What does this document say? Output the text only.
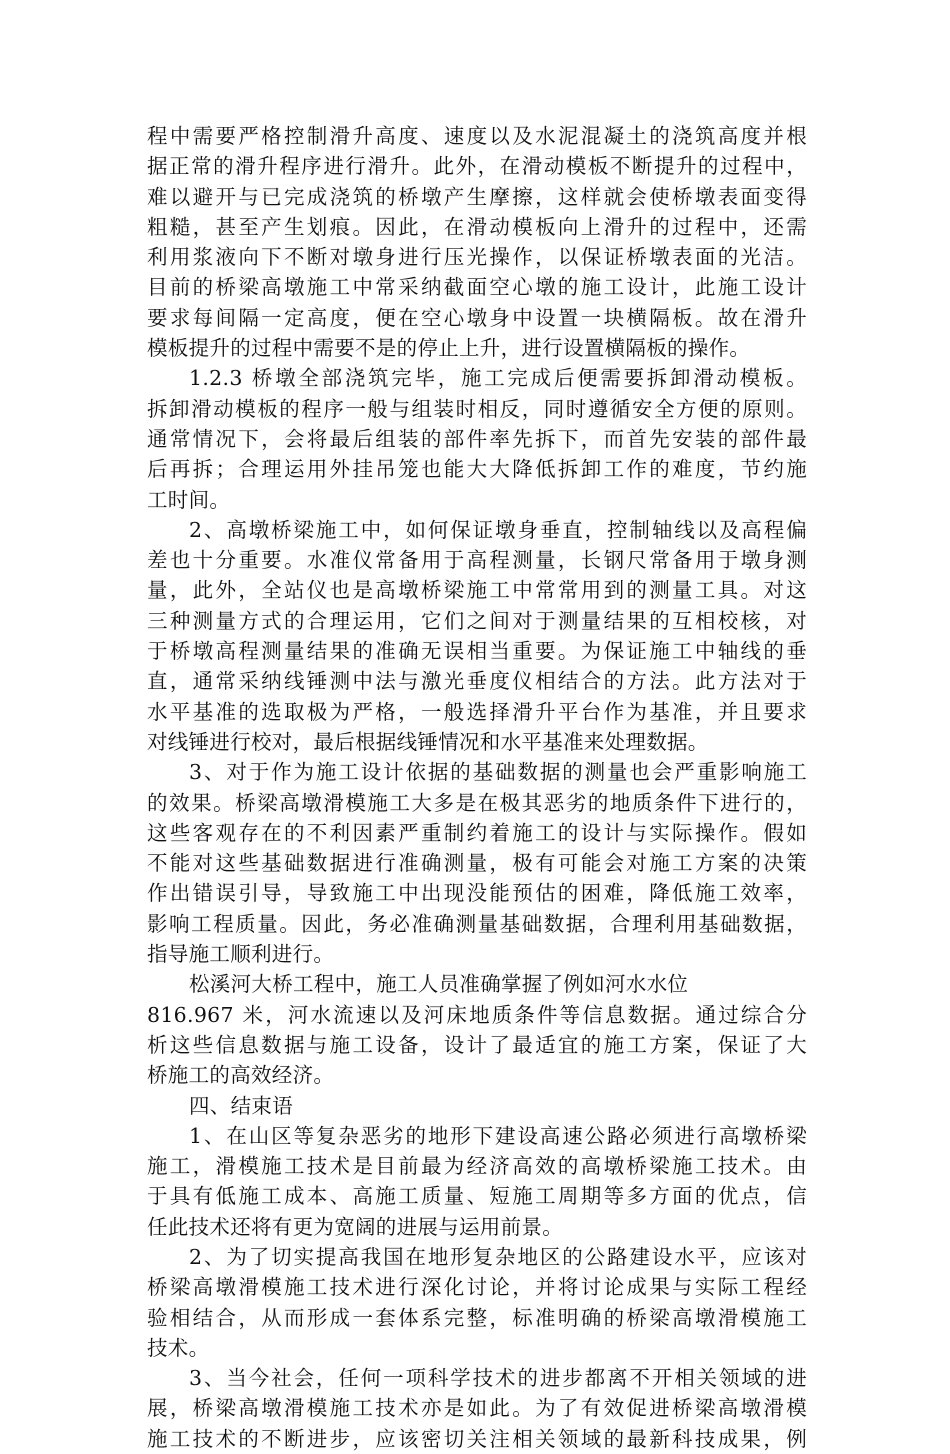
程中需要严格控制滑升高度、速度以及水泥混凝土的浇筑高度并根
据正常的滑升程序进行滑升。此外，在滑动模板不断提升的过程中，
难以避开与已完成浇筑的桥墩产生摩擦，这样就会使桥墩表面变得
粗糙，甚至产生划痕。因此，在滑动模板向上滑升的过程中，还需
利用浆液向下不断对墩身进行压光操作，以保证桥墩表面的光洁。
目前的桥梁高墩施工中常采纳截面空心墩的施工设计，此施工设计
要求每间隔一定高度，便在空心墩身中设置一块横隔板。故在滑升
模板提升的过程中需要不是的停止上升，进行设置横隔板的操作。
1.2.3 桥墩全部浇筑完毕，施工完成后便需要拆卸滑动模板。
拆卸滑动模板的程序一般与组装时相反，同时遵循安全方便的原则。
通常情况下，会将最后组装的部件率先拆下，而首先安装的部件最
后再拆；合理运用外挂吊笼也能大大降低拆卸工作的难度，节约施
工时间。
2、高墩桥梁施工中，如何保证墩身垂直，控制轴线以及高程偏
差也十分重要。水准仪常备用于高程测量，长钢尺常备用于墩身测
量，此外，全站仪也是高墩桥梁施工中常常用到的测量工具。对这
三种测量方式的合理运用，它们之间对于测量结果的互相校核，对
于桥墩高程测量结果的准确无误相当重要。为保证施工中轴线的垂
直，通常采纳线锤测中法与激光垂度仪相结合的方法。此方法对于
水平基准的选取极为严格，一般选择滑升平台作为基准，并且要求
对线锤进行校对，最后根据线锤情况和水平基准来处理数据。
3、对于作为施工设计依据的基础数据的测量也会严重影响施工
的效果。桥梁高墩滑模施工大多是在极其恶劣的地质条件下进行的，
这些客观存在的不利因素严重制约着施工的设计与实际操作。假如
不能对这些基础数据进行准确测量，极有可能会对施工方案的决策
作出错误引导，导致施工中出现没能预估的困难，降低施工效率，
影响工程质量。因此，务必准确测量基础数据，合理利用基础数据，
指导施工顺利进行。
松溪河大桥工程中，施工人员准确掌握了例如河水水位
816.967 米，河水流速以及河床地质条件等信息数据。通过综合分
析这些信息数据与施工设备，设计了最适宜的施工方案，保证了大
桥施工的高效经济。
四、结束语
1、在山区等复杂恶劣的地形下建设高速公路必须进行高墩桥梁
施工，滑模施工技术是目前最为经济高效的高墩桥梁施工技术。由
于具有低施工成本、高施工质量、短施工周期等多方面的优点，信
任此技术还将有更为宽阔的进展与运用前景。
2、为了切实提高我国在地形复杂地区的公路建设水平，应该对
桥梁高墩滑模施工技术进行深化讨论，并将讨论成果与实际工程经
验相结合，从而形成一套体系完整，标准明确的桥梁高墩滑模施工
技术。
3、当今社会，任何一项科学技术的进步都离不开相关领域的进
展，桥梁高墩滑模施工技术亦是如此。为了有效促进桥梁高墩滑模
施工技术的不断进步，应该密切关注相关领域的最新科技成果，例
